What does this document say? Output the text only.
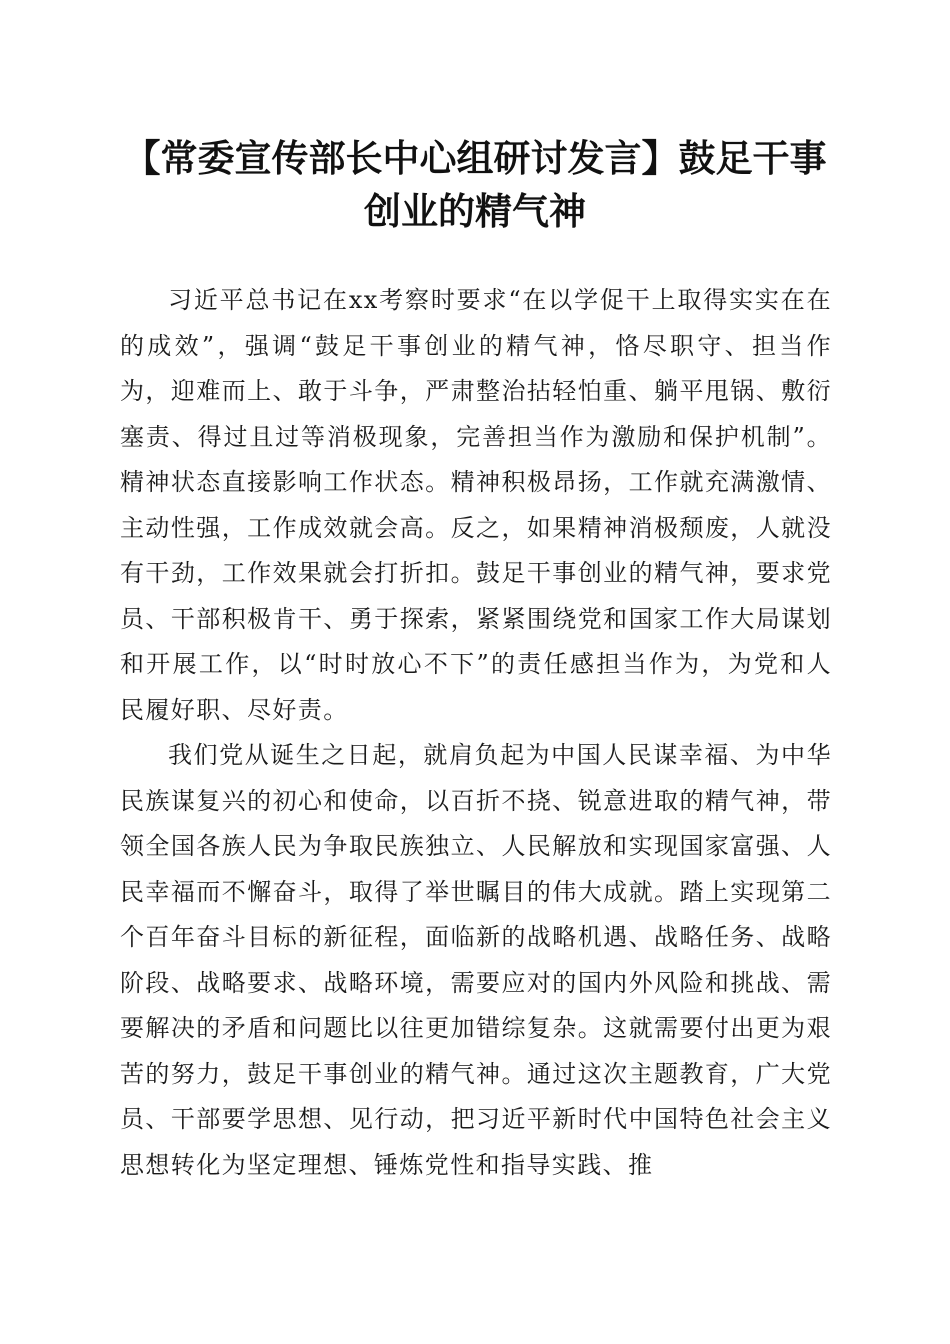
【常委宣传部长中心组研讨发言】鼓足干事创业的精气神

习近平总书记在xx考察时要求“在以学促干上取得实实在在的成效”，强调“鼓足干事创业的精气神，恪尽职守、担当作为，迎难而上、敢于斗争，严肃整治拈轻怕重、躺平甩锅、敷衍塞责、得过且过等消极现象，完善担当作为激励和保护机制”。精神状态直接影响工作状态。精神积极昂扬，工作就充满激情、主动性强，工作成效就会高。反之，如果精神消极颓废，人就没有干劲，工作效果就会打折扣。鼓足干事创业的精气神，要求党员、干部积极肯干、勇于探索，紧紧围绕党和国家工作大局谋划和开展工作，以“时时放心不下”的责任感担当作为，为党和人民履好职、尽好责。

我们党从诞生之日起，就肩负起为中国人民谋幸福、为中华民族谋复兴的初心和使命，以百折不挠、锐意进取的精气神，带领全国各族人民为争取民族独立、人民解放和实现国家富强、人民幸福而不懈奋斗，取得了举世瞩目的伟大成就。踏上实现第二个百年奋斗目标的新征程，面临新的战略机遇、战略任务、战略阶段、战略要求、战略环境，需要应对的国内外风险和挑战、需要解决的矛盾和问题比以往更加错综复杂。这就需要付出更为艰苦的努力，鼓足干事创业的精气神。通过这次主题教育，广大党员、干部要学思想、见行动，把习近平新时代中国特色社会主义思想转化为坚定理想、锤炼党性和指导实践、推
